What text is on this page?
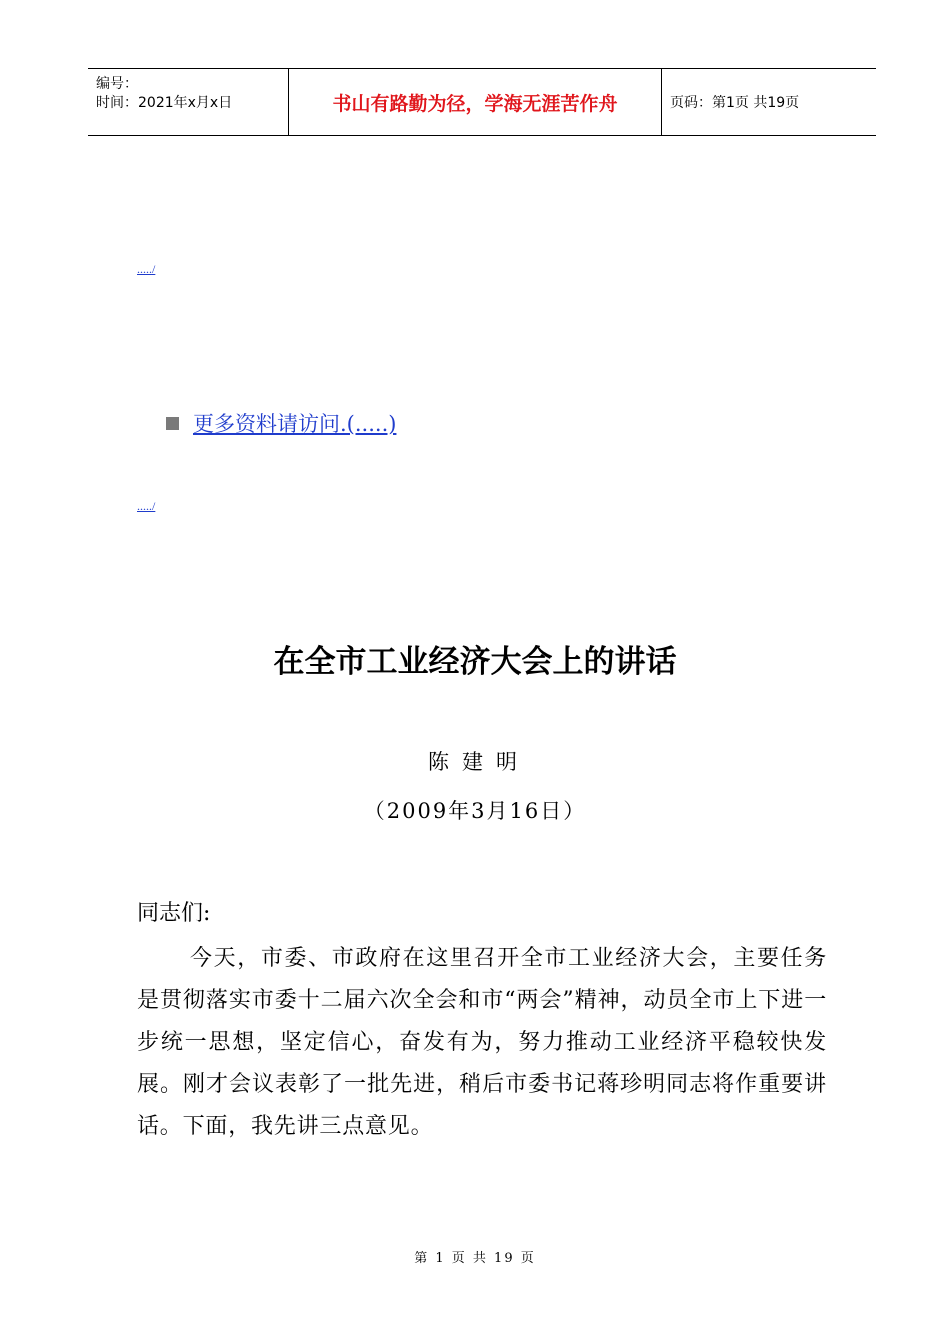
编号：
时间：2021年x月x日	书山有路勤为径，学海无涯苦作舟	页码：第1页 共19页
...../
更多资料请访问.(.....)
...../
在全市工业经济大会上的讲话
陈建明
（2009年3月16日）
同志们:
今天，市委、市政府在这里召开全市工业经济大会，主要任务是贯彻落实市委十二届六次全会和市“两会”精神，动员全市上下进一步统一思想，坚定信心，奋发有为，努力推动工业经济平稳较快发展。刚才会议表彰了一批先进，稍后市委书记蒋珍明同志将作重要讲话。下面，我先讲三点意见。
第 1 页 共 19 页
